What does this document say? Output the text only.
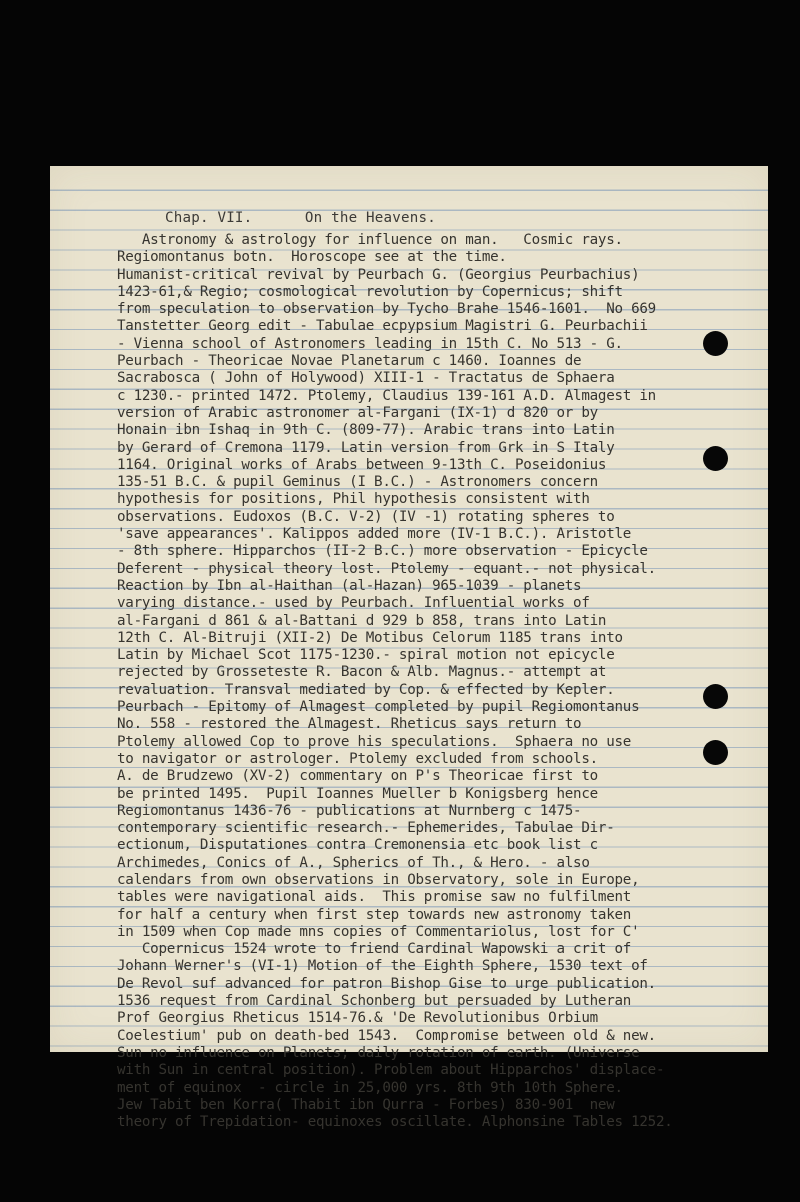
Chap. VII.      On the Heavens.
Astronomy & astrology for influence on man.   Cosmic rays.
Regiomontanus botn.  Horoscope see at the time.
Humanist-critical revival by Peurbach G. (Georgius Peurbachius)
1423-61,& Regio; cosmological revolution by Copernicus; shift
from speculation to observation by Tycho Brahe 1546-1601.  No 669
Tanstetter Georg edit - Tabulae ecpypsium Magistri G. Peurbachii
- Vienna school of Astronomers leading in 15th C. No 513 - G.
Peurbach - Theoricae Novae Planetarum c 1460. Ioannes de
Sacrabosca ( John of Holywood) XIII-1 - Tractatus de Sphaera
c 1230.- printed 1472. Ptolemy, Claudius 139-161 A.D. Almagest in
version of Arabic astronomer al-Fargani (IX-1) d 820 or by
Honain ibn Ishaq in 9th C. (809-77). Arabic trans into Latin
by Gerard of Cremona 1179. Latin version from Grk in S Italy
1164. Original works of Arabs between 9-13th C. Poseidonius
135-51 B.C. & pupil Geminus (I B.C.) - Astronomers concern
hypothesis for positions, Phil hypothesis consistent with
observations. Eudoxos (B.C. V-2) (IV -1) rotating spheres to
'save appearances'. Kalippos added more (IV-1 B.C.). Aristotle
- 8th sphere. Hipparchos (II-2 B.C.) more observation - Epicycle
Deferent - physical theory lost. Ptolemy - equant.- not physical.
Reaction by Ibn al-Haithan (al-Hazan) 965-1039 - planets
varying distance.- used by Peurbach. Influential works of
al-Fargani d 861 & al-Battani d 929 b 858, trans into Latin
12th C. Al-Bitruji (XII-2) De Motibus Celorum 1185 trans into
Latin by Michael Scot 1175-1230.- spiral motion not epicycle
rejected by Grosseteste R. Bacon & Alb. Magnus.- attempt at
revaluation. Transval mediated by Cop. & effected by Kepler.
Peurbach - Epitomy of Almagest completed by pupil Regiomontanus
No. 558 - restored the Almagest. Rheticus says return to
Ptolemy allowed Cop to prove his speculations.  Sphaera no use
to navigator or astrologer. Ptolemy excluded from schools.
A. de Brudzewo (XV-2) commentary on P's Theoricae first to
be printed 1495.  Pupil Ioannes Mueller b Konigsberg hence
Regiomontanus 1436-76 - publications at Nurnberg c 1475-
contemporary scientific research.- Ephemerides, Tabulae Dir-
ectionum, Disputationes contra Cremonensia etc book list c
Archimedes, Conics of A., Spherics of Th., & Hero. - also
calendars from own observations in Observatory, sole in Europe,
tables were navigational aids.  This promise saw no fulfilment
for half a century when first step towards new astronomy taken
in 1509 when Cop made mns copies of Commentariolus, lost for C'
Copernicus 1524 wrote to friend Cardinal Wapowski a crit of
Johann Werner's (VI-1) Motion of the Eighth Sphere, 1530 text of
De Revol suf advanced for patron Bishop Gise to urge publication.
1536 request from Cardinal Schonberg but persuaded by Lutheran
Prof Georgius Rheticus 1514-76.& 'De Revolutionibus Orbium
Coelestium' pub on death-bed 1543.  Compromise between old & new.
Sun no influence on Planets; daily rotation of earth. (Universe
with Sun in central position). Problem about Hipparchos' displace-
ment of equinox  - circle in 25,000 yrs. 8th 9th 10th Sphere.
Jew Tabit ben Korra( Thabit ibn Qurra - Forbes) 830-901  new
theory of Trepidation- equinoxes oscillate. Alphonsine Tables 1252.
